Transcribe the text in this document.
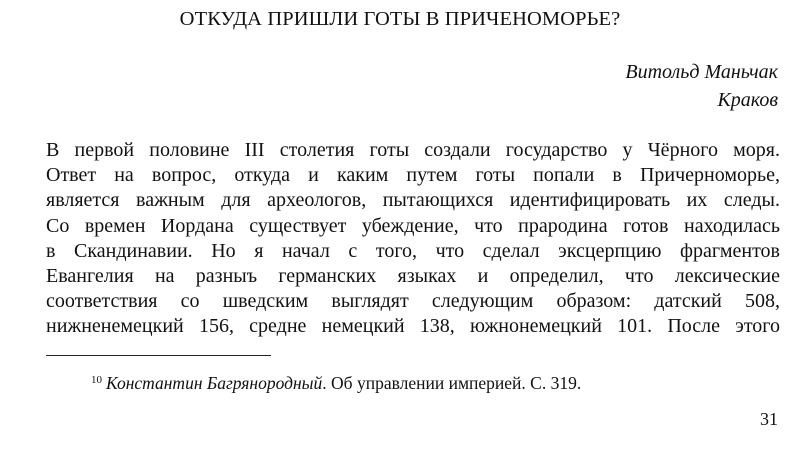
ОТКУДА ПРИШЛИ ГОТЫ В ПРИЧЕНОМОРЬЕ?
Витольд Маньчак
Краков
В первой половине III столетия готы создали государство у Чёрного моря.
Ответ на вопрос, откуда и каким путем готы попали в Причерноморье,
является важным для археологов, пытающихся идентифицировать их следы.
Со времен Иордана существует убеждение, что прародина готов находилась
в Скандинавии. Но я начал с того, что сделал эксцерпцию фрагментов
Евангелия на разныъ германских языках и определил, что лексические
соответствия со шведским выглядят следующим образом: датский 508,
нижненемецкий 156, средне немецкий 138, южнонемецкий 101. После этого
$^{10}$ Константин Багрянородный. Об управлении империей. С. 319.
31
